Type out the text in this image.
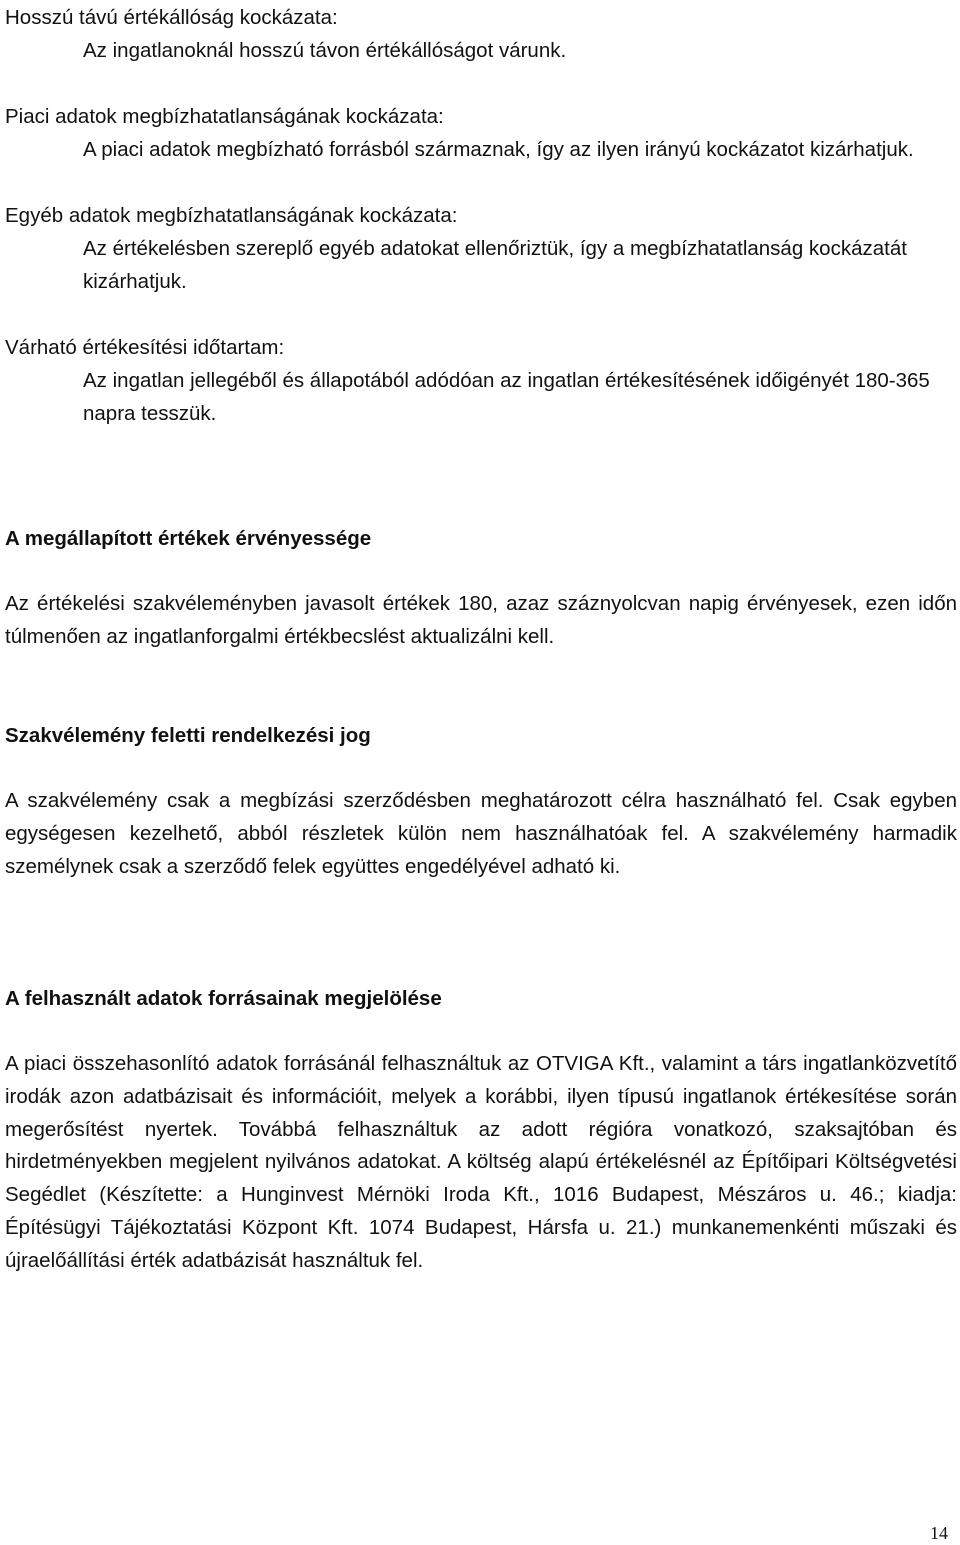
Hosszú távú értékállóság kockázata:

Az ingatlanoknál hosszú távon értékállóságot várunk.

Piaci adatok megbízhatatlanságának kockázata:

A piaci adatok megbízható forrásból származnak, így az ilyen irányú kockázatot kizárhatjuk.

Egyéb adatok megbízhatatlanságának kockázata:

Az értékelésben szereplő egyéb adatokat ellenőriztük, így a megbízhatatlanság kockázatát kizárhatjuk.

Várható értékesítési időtartam:

Az ingatlan jellegéből és állapotából adódóan az ingatlan értékesítésének időigényét 180-365 napra tesszük.

A megállapított értékek érvényessége

Az értékelési szakvéleményben javasolt értékek 180, azaz száznyolcvan napig érvényesek, ezen időn túlmenően az ingatlanforgalmi értékbecslést aktualizálni kell.

Szakvélemény feletti rendelkezési jog

A szakvélemény csak a megbízási szerződésben meghatározott célra használható fel. Csak egyben egységesen kezelhető, abból részletek külön nem használhatóak fel. A szakvélemény harmadik személynek csak a szerződő felek együttes engedélyével adható ki.

A felhasznált adatok forrásainak megjelölése

A piaci összehasonlító adatok forrásánál felhasználtuk az OTVIGA Kft., valamint a társ ingatlanközvetítő irodák azon adatbázisait és információit, melyek a korábbi, ilyen típusú ingatlanok értékesítése során megerősítést nyertek. Továbbá felhasználtuk az adott régióra vonatkozó, szaksajtóban és hirdetményekben megjelent nyilvános adatokat. A költség alapú értékelésnél az Építőipari Költségvetési Segédlet (Készítette: a Hunginvest Mérnöki Iroda Kft., 1016 Budapest, Mészáros u. 46.; kiadja: Építésügyi Tájékoztatási Központ Kft. 1074 Budapest, Hársfa u. 21.) munkanemenkénti műszaki és újraelőállítási érték adatbázisát használtuk fel.

14
